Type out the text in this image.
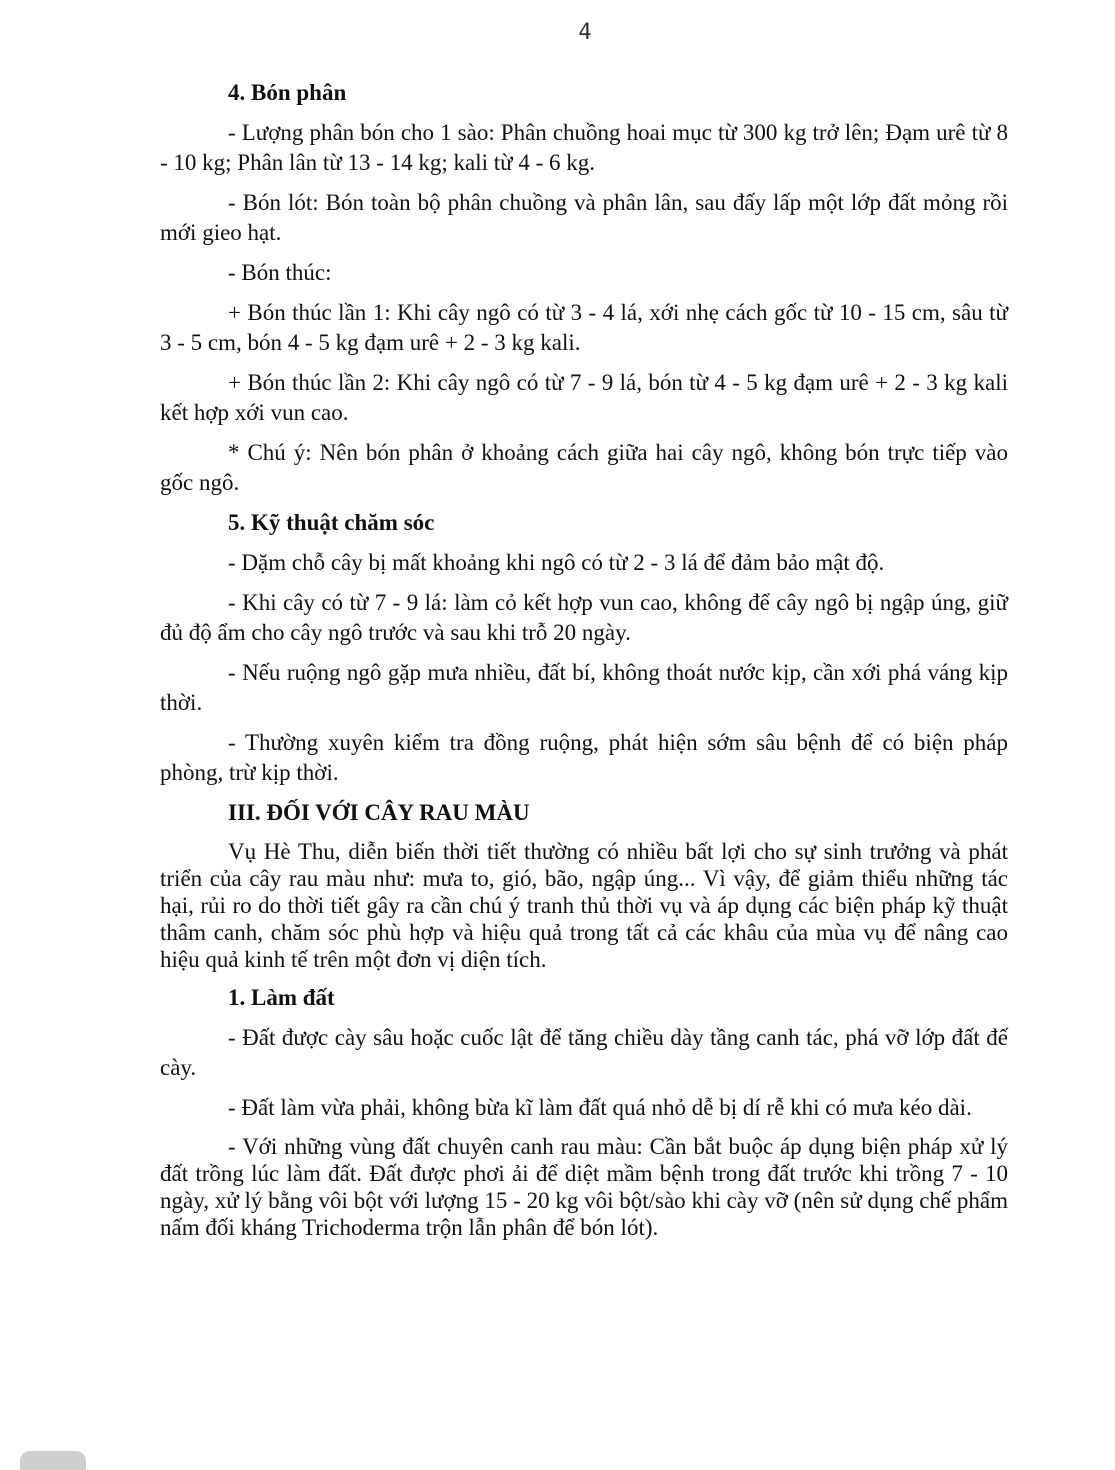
4
4. Bón phân
- Lượng phân bón cho 1 sào: Phân chuồng hoai mục từ 300 kg trở lên; Đạm urê từ 8 - 10 kg; Phân lân từ 13 - 14 kg; kali từ 4 - 6 kg.
- Bón lót: Bón toàn bộ phân chuồng và phân lân, sau đấy lấp một lớp đất mỏng rồi mới gieo hạt.
- Bón thúc:
+ Bón thúc lần 1: Khi cây ngô có từ 3 - 4 lá, xới nhẹ cách gốc từ 10 - 15 cm, sâu từ 3 - 5 cm, bón 4 - 5 kg đạm urê + 2 - 3 kg kali.
+ Bón thúc lần 2: Khi cây ngô có từ 7 - 9 lá, bón từ 4 - 5 kg đạm urê + 2 - 3 kg kali kết hợp xới vun cao.
* Chú ý: Nên bón phân ở khoảng cách giữa hai cây ngô, không bón trực tiếp vào gốc ngô.
5. Kỹ thuật chăm sóc
- Dặm chỗ cây bị mất khoảng khi ngô có từ 2 - 3 lá để đảm bảo mật độ.
- Khi cây có từ 7 - 9 lá: làm cỏ kết hợp vun cao, không để cây ngô bị ngập úng, giữ đủ độ ẩm cho cây ngô trước và sau khi trỗ 20 ngày.
- Nếu ruộng ngô gặp mưa nhiều, đất bí, không thoát nước kịp, cần xới phá váng kịp thời.
- Thường xuyên kiểm tra đồng ruộng, phát hiện sớm sâu bệnh để có biện pháp phòng, trừ kịp thời.
III. ĐỐI VỚI CÂY RAU MÀU
Vụ Hè Thu, diễn biến thời tiết thường có nhiều bất lợi cho sự sinh trưởng và phát triển của cây rau màu như: mưa to, gió, bão, ngập úng... Vì vậy, để giảm thiểu những tác hại, rủi ro do thời tiết gây ra cần chú ý tranh thủ thời vụ và áp dụng các biện pháp kỹ thuật thâm canh, chăm sóc phù hợp và hiệu quả trong tất cả các khâu của mùa vụ để nâng cao hiệu quả kinh tế trên một đơn vị diện tích.
1. Làm đất
- Đất được cày sâu hoặc cuốc lật để tăng chiều dày tầng canh tác, phá vỡ lớp đất đế cày.
- Đất làm vừa phải, không bừa kĩ làm đất quá nhỏ dễ bị dí rễ khi có mưa kéo dài.
- Với những vùng đất chuyên canh rau màu: Cần bắt buộc áp dụng biện pháp xử lý đất trồng lúc làm đất. Đất được phơi ải để diệt mầm bệnh trong đất trước khi trồng 7 - 10 ngày, xử lý bằng vôi bột với lượng 15 - 20 kg vôi bột/sào khi cày vỡ (nên sử dụng chế phẩm nấm đối kháng Trichoderma trộn lẫn phân để bón lót).
